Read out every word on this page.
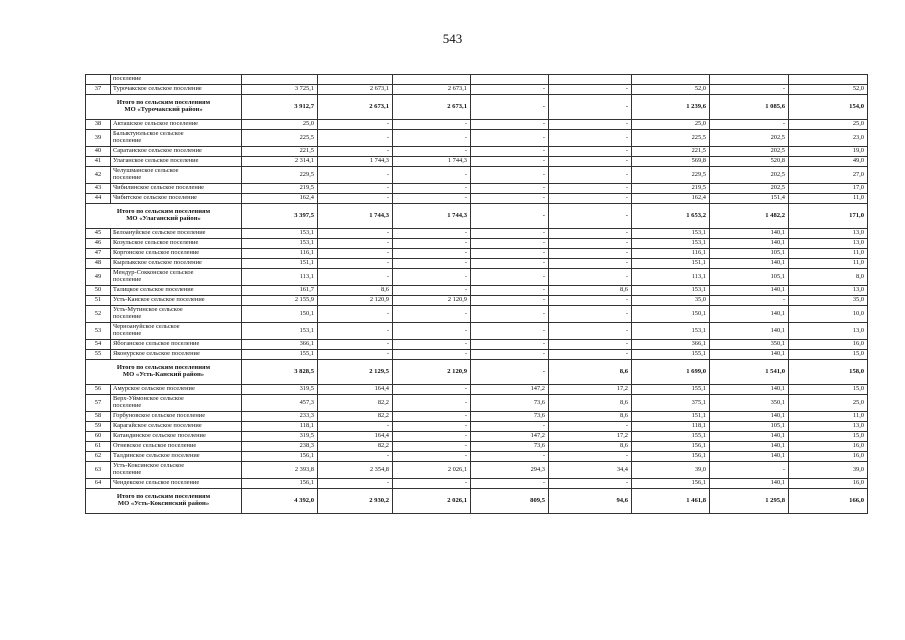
543
	поселение								
37	Турочакское сельское поселение	3 725,1	2 673,1	2 673,1	-	-	52,0	-	52,0

Итого по сельским поселениям
МО «Турочакский район»		3 912,7	2 673,1	2 673,1	-	-	1 239,6	1 085,6	154,0
38	Акташское сельское поселение	25,0	-	-	-	-	25,0	-	25,0
39	Балыктуюльское сельское
поселение	225,5	-	-	-	-	225,5	202,5	23,0
40	Саратанское сельское поселение	221,5	-	-	-	-	221,5	202,5	19,0
41	Улаганское сельское поселение	2 314,1	1 744,3	1 744,3	-	-	569,8	520,8	49,0
42	Челушманское сельское
поселение	229,5	-	-	-	-	229,5	202,5	27,0
43	Чибилинское сельское поселение	219,5	-	-	-	-	219,5	202,5	17,0
44	Чибитское сельское поселение	162,4	-	-	-	-	162,4	151,4	11,0

Итого по сельским поселениям
МО «Улаганский район»		3 397,5	1 744,3	1 744,3	-	-	1 653,2	1 482,2	171,0
45	Белоануйское сельское поселение	153,1	-	-	-	-	153,1	140,1	13,0
46	Козульское сельское поселение	153,1	-	-	-	-	153,1	140,1	13,0
47	Коргонское сельское поселение	116,1	-	-	-	-	116,1	105,1	11,0
48	Кырлыкское сельское поселение	151,1	-	-	-	-	151,1	140,1	11,0
49	Мендур-Сокконское сельское
поселение	113,1	-	-	-	-	113,1	105,1	8,0
50	Талицкое сельское поселение	161,7	8,6	-	-	8,6	153,1	140,1	13,0
51	Усть-Канское сельское поселение	2 155,9	2 120,9	2 120,9	-	-	35,0	-	35,0
52	Усть-Мутинское сельское
поселение	150,1	-	-	-	-	150,1	140,1	10,0
53	Черноануйское сельское
поселение	153,1	-	-	-	-	153,1	140,1	13,0
54	Ябоганское сельское поселение	366,1	-	-	-	-	366,1	350,1	16,0
55	Яконурское сельское поселение	155,1	-	-	-	-	155,1	140,1	15,0

Итого по сельским поселениям
МО «Усть-Канский район»		3 828,5	2 129,5	2 120,9	-	8,6	1 699,0	1 541,0	158,0
56	Амурское сельское поселение	319,5	164,4	-	147,2	17,2	155,1	140,1	15,0
57	Верх-Уймонское сельское
поселение	457,3	82,2	-	73,6	8,6	375,1	350,1	25,0
58	Горбуновское сельское поселение	233,3	82,2	-	73,6	8,6	151,1	140,1	11,0
59	Карагайское сельское поселение	118,1	-	-	-	-	118,1	105,1	13,0
60	Катандинское сельское поселение	319,5	164,4	-	147,2	17,2	155,1	140,1	15,0
61	Огневское сельское поселение	238,3	82,2	-	73,6	8,6	156,1	140,1	16,0
62	Талдинское сельское поселение	156,1	-	-	-	-	156,1	140,1	16,0
63	Усть-Коксинское сельское
поселение	2 393,8	2 354,8	2 026,1	294,3	34,4	39,0	-	39,0
64	Чендекское сельское поселение	156,1	-	-	-	-	156,1	140,1	16,0

Итого по сельским поселениям
МО «Усть-Коксинский район»		4 392,0	2 930,2	2 026,1	809,5	94,6	1 461,8	1 295,8	166,0
